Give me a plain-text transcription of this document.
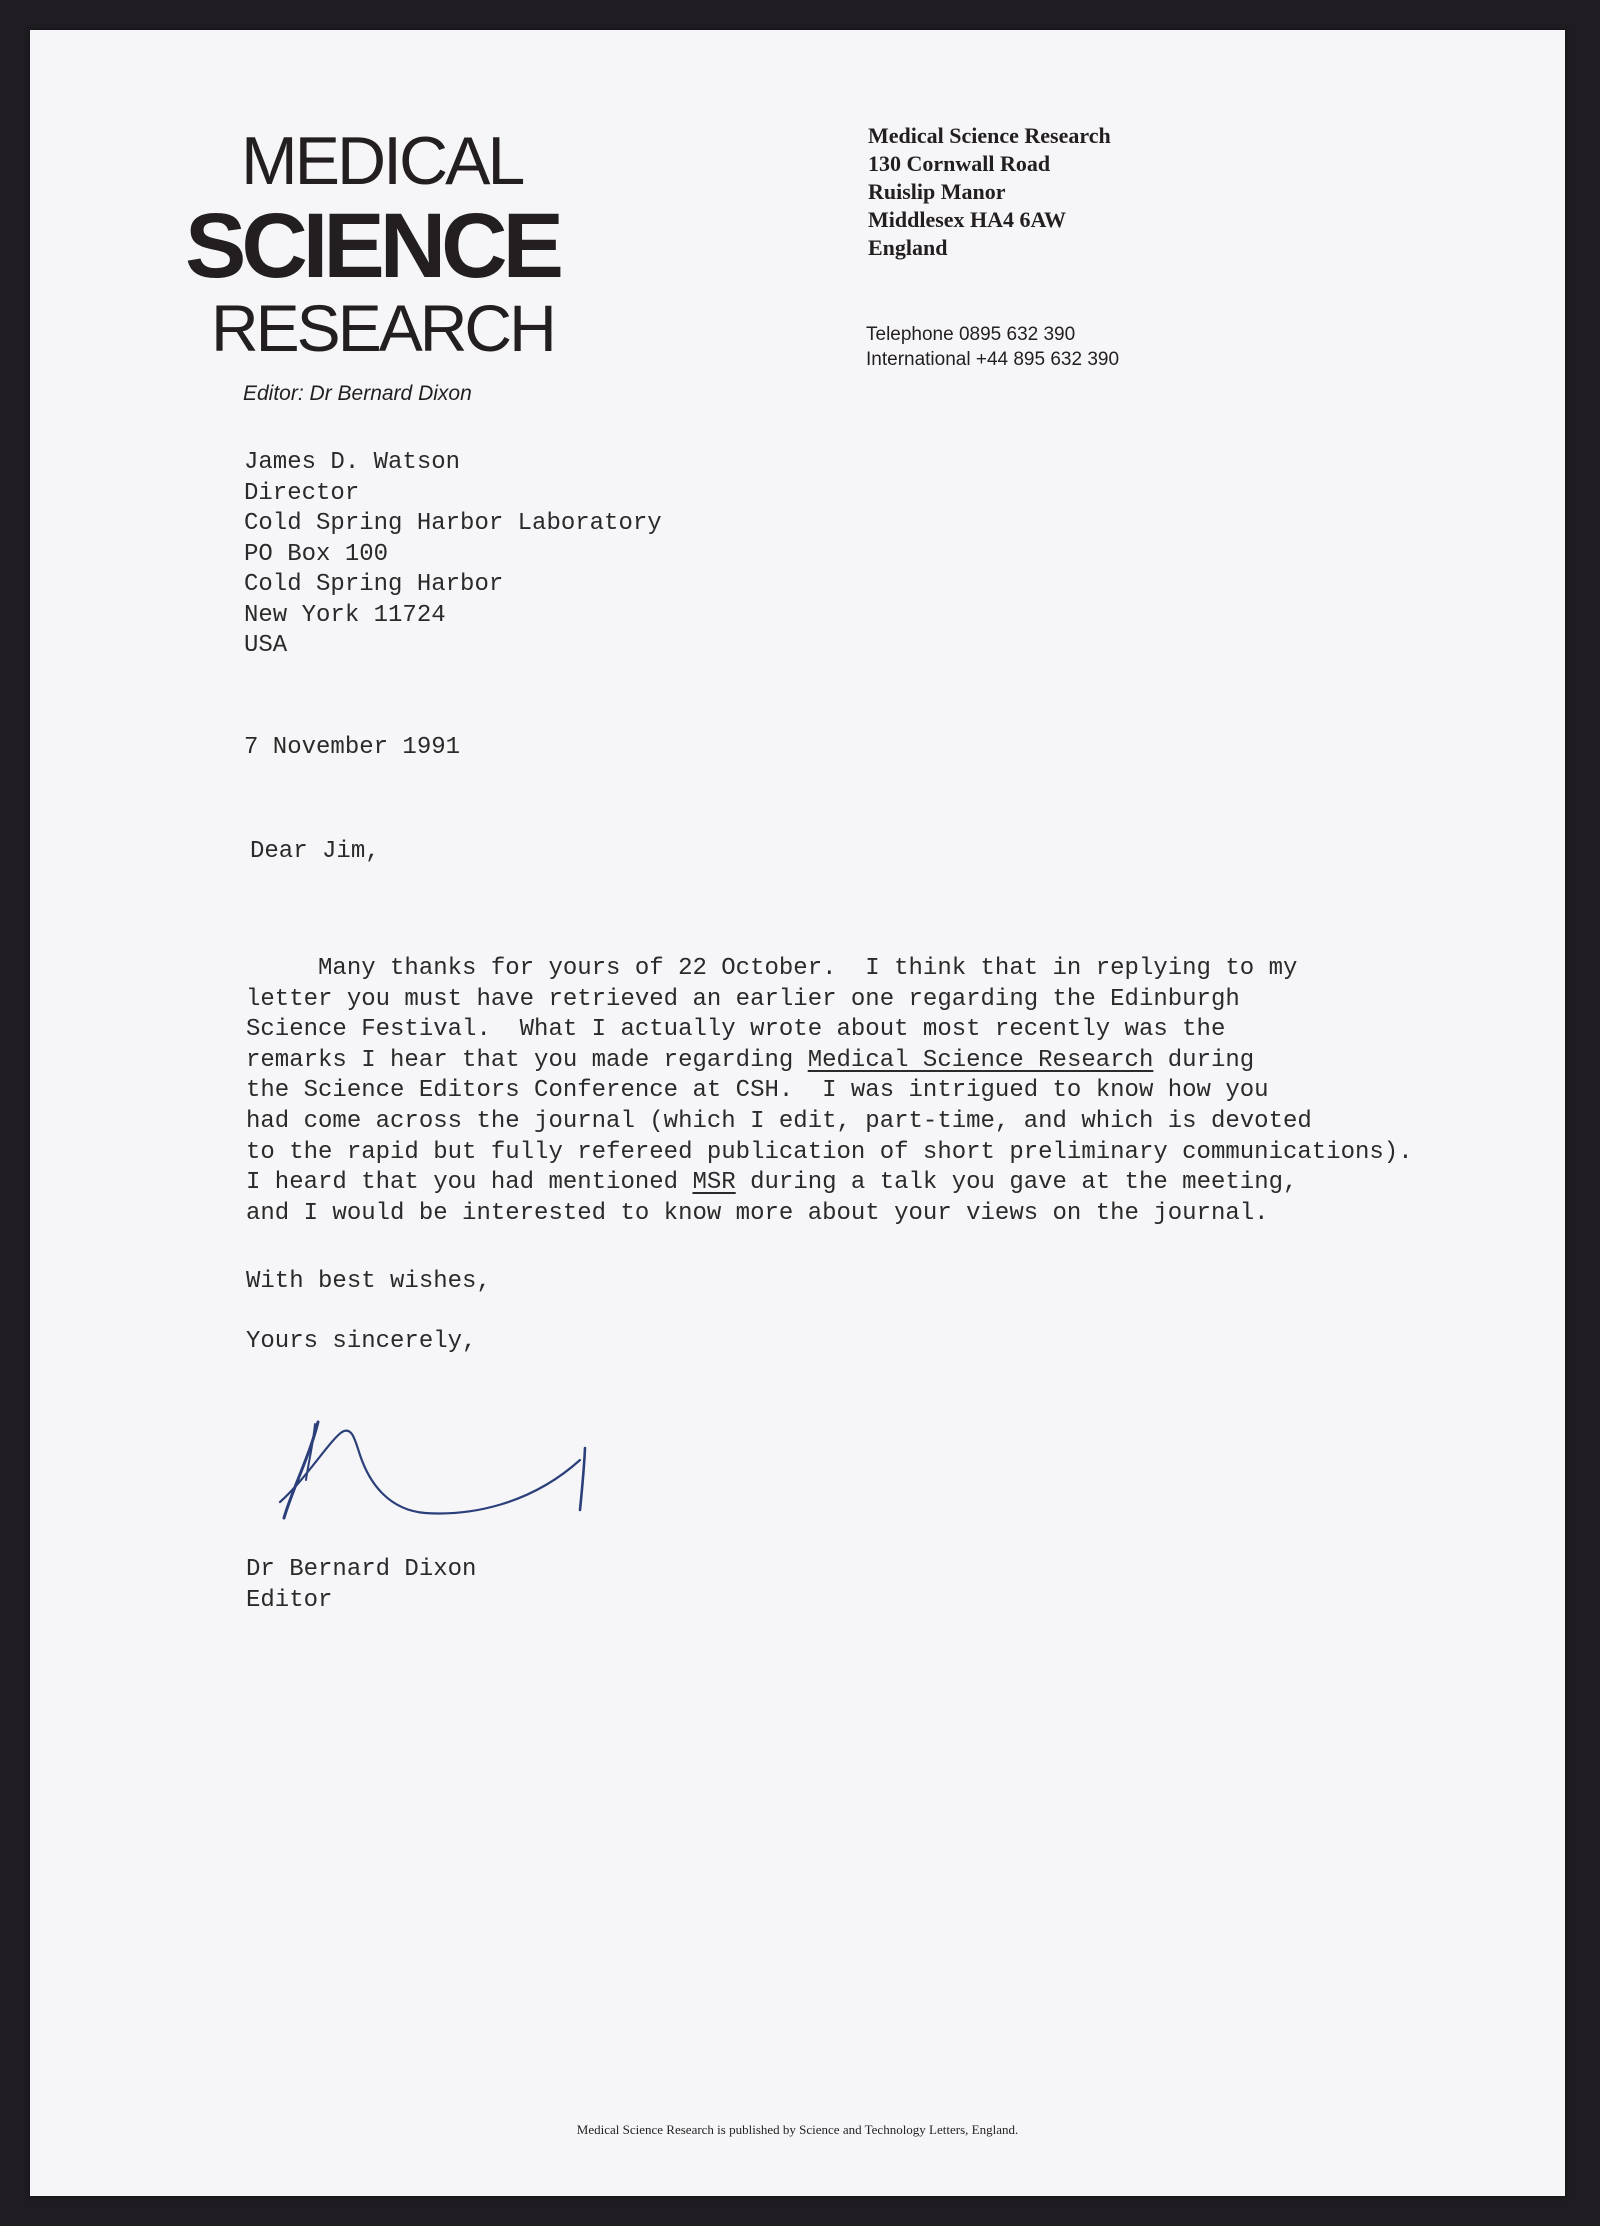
MEDICAL
SCIENCE
RESEARCH
Editor: Dr Bernard Dixon
Medical Science Research
130 Cornwall Road
Ruislip Manor
Middlesex HA4 6AW
England
Telephone 0895 632 390
International +44 895 632 390
James D. Watson
Director
Cold Spring Harbor Laboratory
PO Box 100
Cold Spring Harbor
New York 11724
USA
7 November 1991
Dear Jim,
Many thanks for yours of 22 October.  I think that in replying to my
letter you must have retrieved an earlier one regarding the Edinburgh
Science Festival.  What I actually wrote about most recently was the
remarks I hear that you made regarding Medical Science Research during
the Science Editors Conference at CSH.  I was intrigued to know how you
had come across the journal (which I edit, part-time, and which is devoted
to the rapid but fully refereed publication of short preliminary communications).
I heard that you had mentioned MSR during a talk you gave at the meeting,
and I would be interested to know more about your views on the journal.
With best wishes,
Yours sincerely,
Dr Bernard Dixon
Editor
Medical Science Research is published by Science and Technology Letters, England.
